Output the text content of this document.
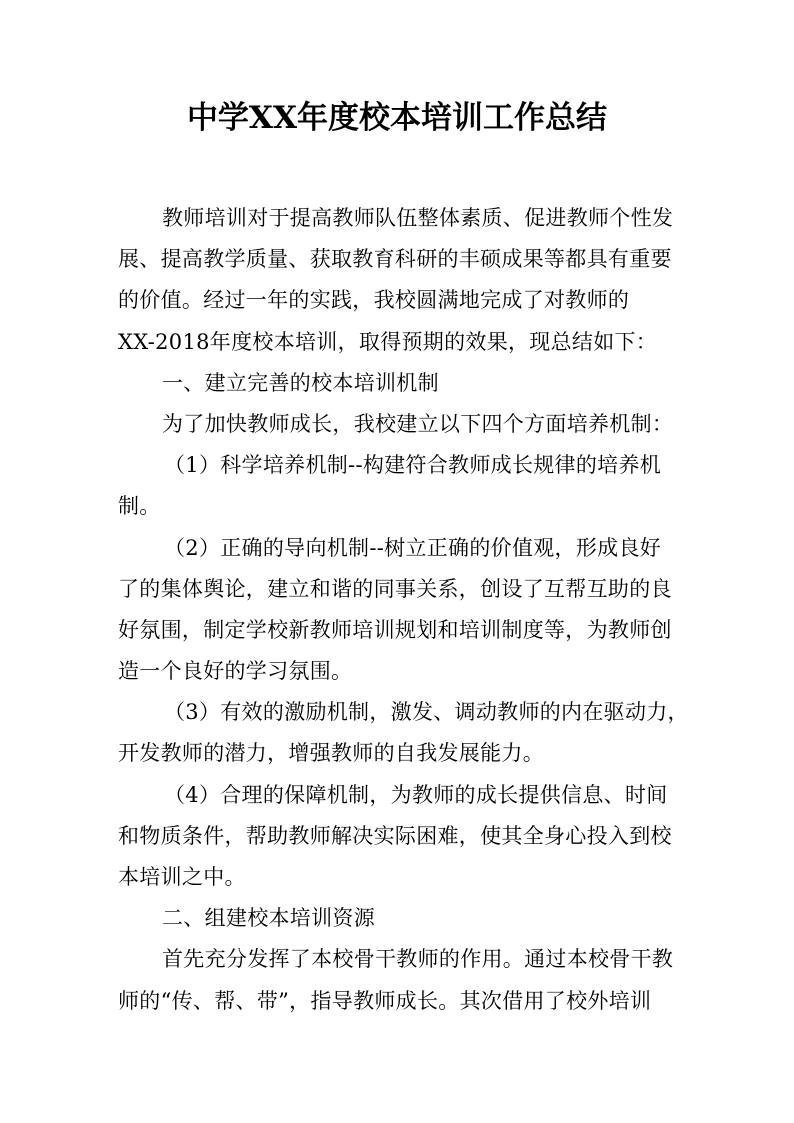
中学XX年度校本培训工作总结

教师培训对于提高教师队伍整体素质、促进教师个性发

展、提高教学质量、获取教育科研的丰硕成果等都具有重要

的价值。经过一年的实践，我校圆满地完成了对教师的

XX-2018年度校本培训，取得预期的效果，现总结如下：

一、建立完善的校本培训机制

为了加快教师成长，我校建立以下四个方面培养机制：

（1）科学培养机制--构建符合教师成长规律的培养机

制。

（2）正确的导向机制--树立正确的价值观，形成良好

了的集体舆论，建立和谐的同事关系，创设了互帮互助的良

好氛围，制定学校新教师培训规划和培训制度等，为教师创

造一个良好的学习氛围。

（3）有效的激励机制，激发、调动教师的内在驱动力，

开发教师的潜力，增强教师的自我发展能力。

（4）合理的保障机制，为教师的成长提供信息、时间

和物质条件，帮助教师解决实际困难，使其全身心投入到校

本培训之中。

二、组建校本培训资源

首先充分发挥了本校骨干教师的作用。通过本校骨干教

师的“传、帮、带”，指导教师成长。其次借用了校外培训
